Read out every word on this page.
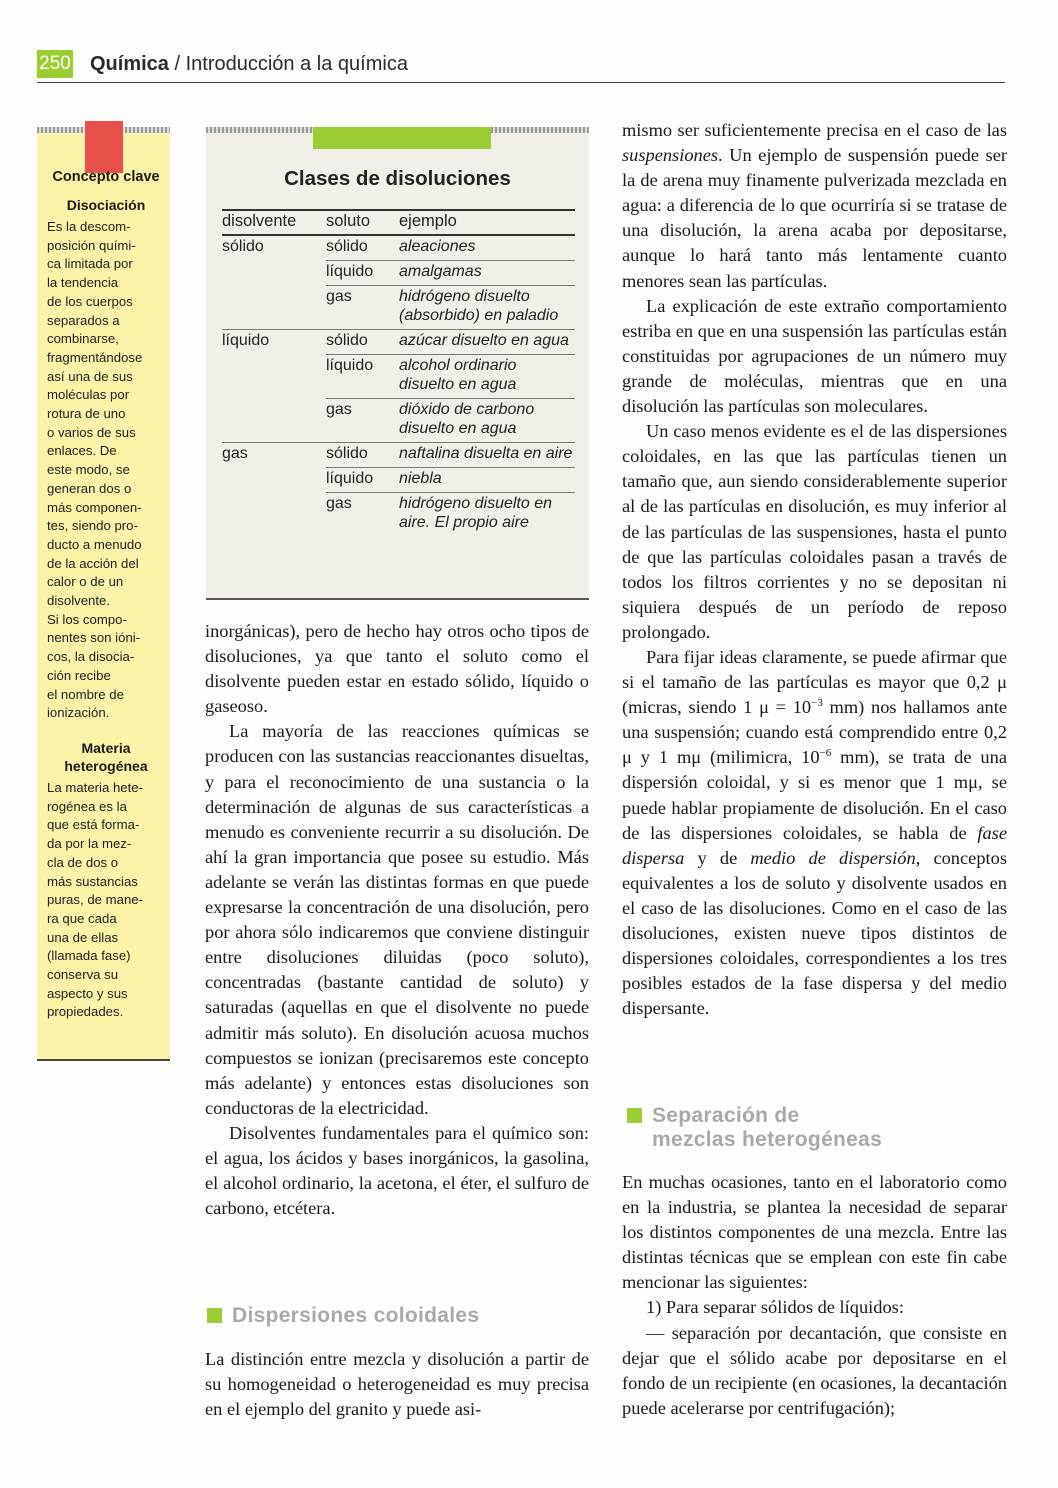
250 Química / Introducción a la química
Concepto clave
Disociación
Es la descom-
posición quími-
ca limitada por
la tendencia
de los cuerpos
separados a
combinarse,
fragmentándose
así una de sus
moléculas por
rotura de uno
o varios de sus
enlaces. De
este modo, se
generan dos o
más componen-
tes, siendo pro-
ducto a menudo
de la acción del
calor o de un
disolvente.
Si los compo-
nentes son ióni-
cos, la disocia-
ción recibe
el nombre de
ionización.
Materia heterogénea
La materia hete-
rogénea es la
que está forma-
da por la mez-
cla de dos o
más sustancias
puras, de mane-
ra que cada
una de ellas
(llamada fase)
conserva su
aspecto y sus
propiedades.
Clases de disoluciones
disolvente	soluto	ejemplo
sólido	sólido	aleaciones
	líquido	amalgamas
	gas	hidrógeno disuelto (absorbido) en paladio
líquido	sólido	azúcar disuelto en agua
	líquido	alcohol ordinario disuelto en agua
	gas	dióxido de carbono disuelto en agua
gas	sólido	naftalina disuelta en aire
	líquido	niebla
	gas	hidrógeno disuelto en aire. El propio aire

inorgánicas), pero de hecho hay otros ocho tipos de disoluciones, ya que tanto el soluto como el disolvente pueden estar en estado sólido, líquido o gaseoso.

La mayoría de las reacciones químicas se producen con las sustancias reaccionantes disueltas, y para el reconocimiento de una sustancia o la determinación de algunas de sus características a menudo es conveniente recurrir a su disolución. De ahí la gran importancia que posee su estudio. Más adelante se verán las distintas formas en que puede expresarse la concentración de una disolución, pero por ahora sólo indicaremos que conviene distinguir entre disoluciones diluidas (poco soluto), concentradas (bastante cantidad de soluto) y saturadas (aquellas en que el disolvente no puede admitir más soluto). En disolución acuosa muchos compuestos se ionizan (precisaremos este concepto más adelante) y entonces estas disoluciones son conductoras de la electricidad.

Disolventes fundamentales para el químico son: el agua, los ácidos y bases inorgánicos, la gasolina, el alcohol ordinario, la acetona, el éter, el sulfuro de carbono, etcétera.

Dispersiones coloidales

La distinción entre mezcla y disolución a partir de su homogeneidad o heterogeneidad es muy precisa en el ejemplo del granito y puede asi-

mismo ser suficientemente precisa en el caso de las suspensiones. Un ejemplo de suspensión puede ser la de arena muy finamente pulverizada mezclada en agua: a diferencia de lo que ocurriría si se tratase de una disolución, la arena acaba por depositarse, aunque lo hará tanto más lentamente cuanto menores sean las partículas.

La explicación de este extraño comportamiento estriba en que en una suspensión las partículas están constituidas por agrupaciones de un número muy grande de moléculas, mientras que en una disolución las partículas son moleculares.

Un caso menos evidente es el de las dispersiones coloidales, en las que las partículas tienen un tamaño que, aun siendo considerablemente superior al de las partículas en disolución, es muy inferior al de las partículas de las suspensiones, hasta el punto de que las partículas coloidales pasan a través de todos los filtros corrientes y no se depositan ni siquiera después de un período de reposo prolongado.

Para fijar ideas claramente, se puede afirmar que si el tamaño de las partículas es mayor que 0,2 μ (micras, siendo 1 $\mu = 10^{-3}$ mm) nos hallamos ante una suspensión; cuando está comprendido entre 0,2 μ y 1 mμ (milimicra, $10^{-6}$ mm), se trata de una dispersión coloidal, y si es menor que 1 mμ, se puede hablar propiamente de disolución. En el caso de las dispersiones coloidales, se habla de fase dispersa y de medio de dispersión, conceptos equivalentes a los de soluto y disolvente usados en el caso de las disoluciones. Como en el caso de las disoluciones, existen nueve tipos distintos de dispersiones coloidales, correspondientes a los tres posibles estados de la fase dispersa y del medio dispersante.

Separación de
mezclas heterogéneas

En muchas ocasiones, tanto en el laboratorio como en la industria, se plantea la necesidad de separar los distintos componentes de una mezcla. Entre las distintas técnicas que se emplean con este fin cabe mencionar las siguientes:

1) Para separar sólidos de líquidos:

— separación por decantación, que consiste en dejar que el sólido acabe por depositarse en el fondo de un recipiente (en ocasiones, la decantación puede acelerarse por centrifugación);
